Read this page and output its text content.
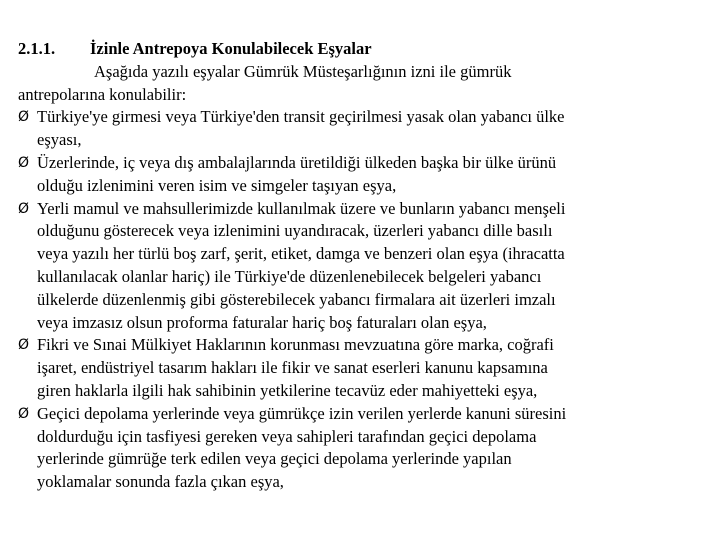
2.1.1. İzinle Antrepoya Konulabilecek Eşyalar
Aşağıda yazılı eşyalar Gümrük Müsteşarlığının izni ile gümrük
antrepolarına konulabilir:
Ø Türkiye'ye girmesi veya Türkiye'den transit geçirilmesi yasak olan yabancı ülke
eşyası,
Ø Üzerlerinde, iç veya dış ambalajlarında üretildiği ülkeden başka bir ülke ürünü
olduğu izlenimini veren isim ve simgeler taşıyan eşya,
Ø Yerli mamul ve mahsullerimizde kullanılmak üzere ve bunların yabancı menşeli
olduğunu gösterecek veya izlenimini uyandıracak, üzerleri yabancı dille basılı
veya yazılı her türlü boş zarf, şerit, etiket, damga ve benzeri olan eşya (ihracatta
kullanılacak olanlar hariç) ile Türkiye'de düzenlenebilecek belgeleri yabancı
ülkelerde düzenlenmiş gibi gösterebilecek yabancı firmalara ait üzerleri imzalı
veya imzasız olsun proforma faturalar hariç boş faturaları olan eşya,
Ø Fikri ve Sınai Mülkiyet Haklarının korunması mevzuatına göre marka, coğrafi
işaret, endüstriyel tasarım hakları ile fikir ve sanat eserleri kanunu kapsamına
giren haklarla ilgili hak sahibinin yetkilerine tecavüz eder mahiyetteki eşya,
Ø Geçici depolama yerlerinde veya gümrükçe izin verilen yerlerde kanuni süresini
doldurduğu için tasfiyesi gereken veya sahipleri tarafından geçici depolama
yerlerinde gümrüğe terk edilen veya geçici depolama yerlerinde yapılan
yoklamalar sonunda fazla çıkan eşya,
